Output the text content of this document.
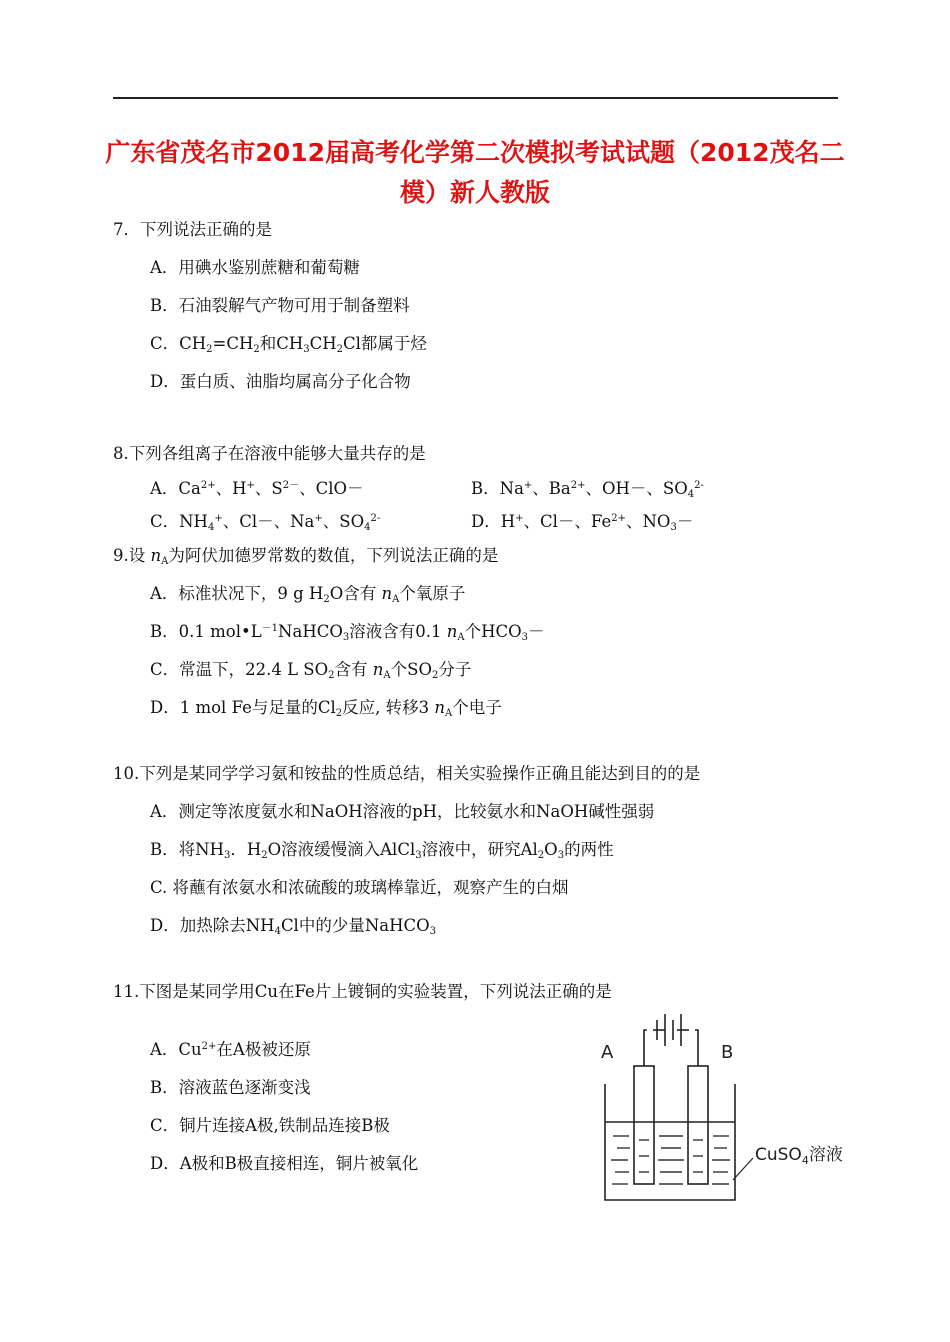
广东省茂名市2012届高考化学第二次模拟考试试题（2012茂名二
模）新人教版
7．下列说法正确的是
A．用碘水鉴别蔗糖和葡萄糖
B．石油裂解气产物可用于制备塑料
C．$CH_2=CH_2$和$CH_3CH_2Cl$都属于烃
D．蛋白质、油脂均属高分子化合物
8.下列各组离子在溶液中能够大量共存的是
A．$Ca^{2+}$、H+、$S^{2-}$、ClO－	B．Na+、$Ba^{2+}$、OH－、$SO_4^{2-}$
C．$NH_4^+$、Cl－、Na+、$SO_4^{2-}$	D．H+、Cl－、$Fe^{2+}$、$NO_3-$
9.设 $n_A$为阿伏加德罗常数的数值，下列说法正确的是
A．标准状况下，9 g $H_2O$含有 $n_A$个氧原子
B．0.1 $mol•L^{-1}NaHCO_3$溶液含有0.1 $n_A$个$HCO_3-$
C．常温下，22.4 L $SO_2$含有 $n_A$个$SO_2$分子
D．1 mol Fe与足量的$Cl_2$反应, 转移3 $n_A$个电子
10.下列是某同学学习氨和铵盐的性质总结，相关实验操作正确且能达到目的的是
A．测定等浓度氨水和NaOH溶液的pH，比较氨水和NaOH碱性强弱
B．将$NH_3$．$H_2O$溶液缓慢滴入AlCl$_3$溶液中，研究$Al_2O_3$的两性
C. 将蘸有浓氨水和浓硫酸的玻璃棒靠近，观察产生的白烟
D．加热除去$NH_4Cl$中的少量NaHCO$_3$
11.下图是某同学用Cu在Fe片上镀铜的实验装置，下列说法正确的是
A．$Cu^{2+}$在A极被还原
B．溶液蓝色逐渐变浅
C．铜片连接A极,铁制品连接B极
D．A极和B极直接相连，铜片被氧化
A	B
CuSO$_4$溶液
